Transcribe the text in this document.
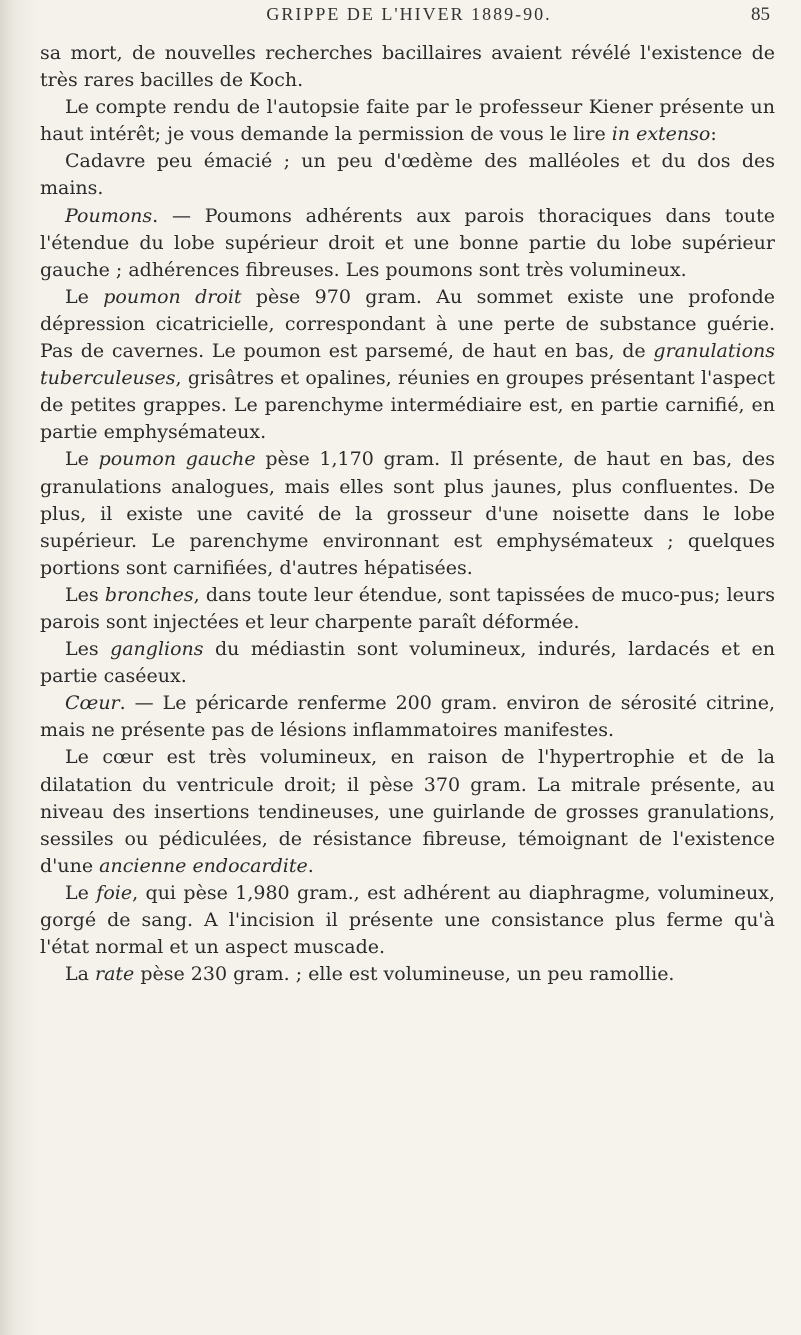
GRIPPE DE L'HIVER 1889-90.	85

sa mort, de nouvelles recherches bacillaires avaient révélé l'existence de très rares bacilles de Koch.

Le compte rendu de l'autopsie faite par le professeur Kiener présente un haut intérêt; je vous demande la permission de vous le lire in extenso:

Cadavre peu émacié ; un peu d'œdème des malléoles et du dos des mains.

Poumons. — Poumons adhérents aux parois thoraciques dans toute l'étendue du lobe supérieur droit et une bonne partie du lobe supérieur gauche ; adhérences fibreuses. Les poumons sont très volumineux.

Le poumon droit pèse 970 gram. Au sommet existe une profonde dépression cicatricielle, correspondant à une perte de substance guérie. Pas de cavernes. Le poumon est parsemé, de haut en bas, de granulations tuberculeuses, grisâtres et opalines, réunies en groupes présentant l'aspect de petites grappes. Le parenchyme intermédiaire est, en partie carnifié, en partie emphysémateux.

Le poumon gauche pèse 1,170 gram. Il présente, de haut en bas, des granulations analogues, mais elles sont plus jaunes, plus confluentes. De plus, il existe une cavité de la grosseur d'une noisette dans le lobe supérieur. Le parenchyme environnant est emphysémateux ; quelques portions sont carnifiées, d'autres hépatisées.

Les bronches, dans toute leur étendue, sont tapissées de muco-pus; leurs parois sont injectées et leur charpente paraît déformée.

Les ganglions du médiastin sont volumineux, indurés, lardacés et en partie caséeux.

Cœur. — Le péricarde renferme 200 gram. environ de sérosité citrine, mais ne présente pas de lésions inflammatoires manifestes.

Le cœur est très volumineux, en raison de l'hypertrophie et de la dilatation du ventricule droit; il pèse 370 gram. La mitrale présente, au niveau des insertions tendineuses, une guirlande de grosses granulations, sessiles ou pédiculées, de résistance fibreuse, témoignant de l'existence d'une ancienne endocardite.

Le foie, qui pèse 1,980 gram., est adhérent au diaphragme, volumineux, gorgé de sang. A l'incision il présente une consistance plus ferme qu'à l'état normal et un aspect muscade.

La rate pèse 230 gram. ; elle est volumineuse, un peu ramollie.
